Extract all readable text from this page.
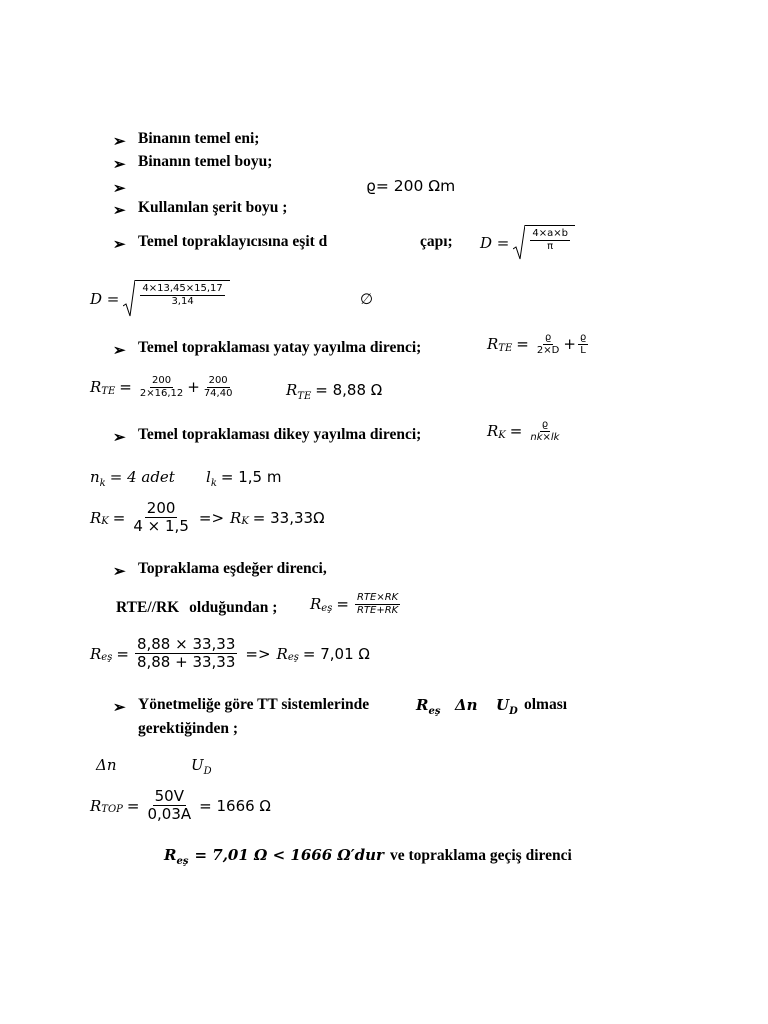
➢ Binanın temel eni;
➢ Binanın temel boyu;
➢	ϱ= 200 Ωm
➢ Kullanılan şerit boyu ;
➢ Temel topraklayıcısına eşit d	çapı; $D = \frac{4\times a\times b}{\pi}$
$D = \frac{4\times 13,45\times 15,17}{3,14}$	∅
➢ Temel topraklaması yatay yayılma direnci;	R TE = $\frac{ϱ}{2\times D} + \frac{ϱ}{L}$
R TE = $\frac{200}{2\times 16,12} + \frac{200}{74,40}$	$R_{TE} = 8,88$ Ω
➢ Temel topraklaması dikey yayılma direnci;	R $K = \frac{ϱ}{nk\times lk}$
$n_k = 4$ adet $l_k = 1,5$ m
R $K = \frac{200}{4 \times 1,5} => R$ K = 33,33Ω
➢ Topraklama eşdeğer direnci,
RTE//RK olduğundan ; R eş = $\frac{\text{RTE×RK}}{\text{RTE+RK}}$
R eş = $\frac{8,88 \times 33,33}{8,88 + 33,33} => R$ eş = 7,01 Ω
➢ Yönetmeliğe göre TT sistemlerinde	$R_{eş}$ Δn $U_D$ olması
gerektiğinden ;
Δn	$U_D$
R TOP = $\frac{50V}{0,03A} = 1666$ Ω
R eş = 7,01 Ω < 1666 Ω′dur ve topraklama geçiş direnci
